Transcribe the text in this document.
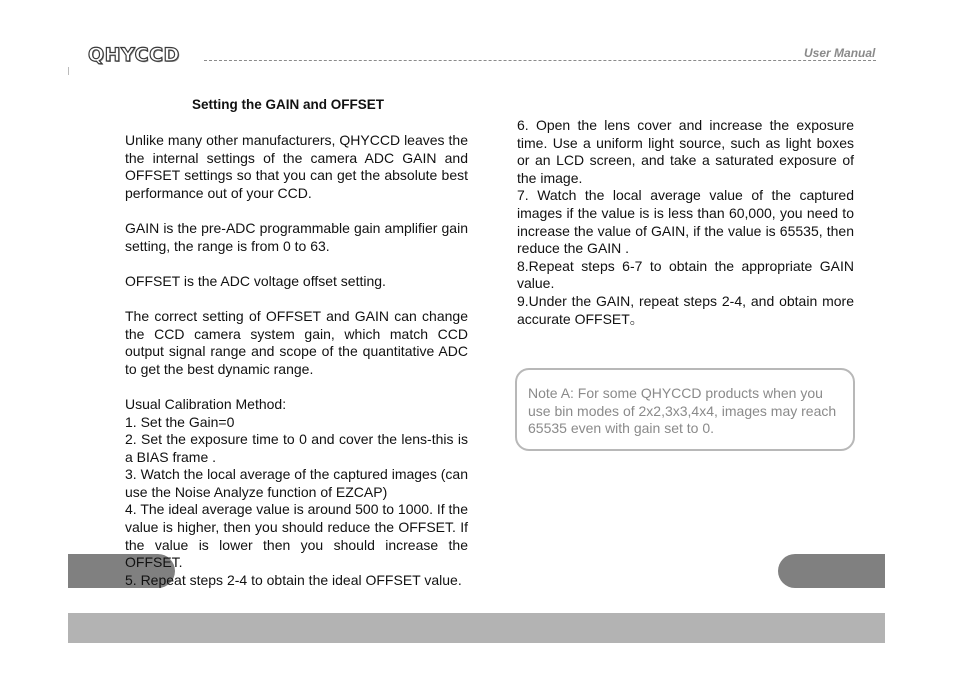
QHYCCD	User Manual
Setting the GAIN and OFFSET

Unlike many other manufacturers, QHYCCD leaves the the internal settings of the camera ADC GAIN and OFFSET settings so that you can get the absolute best performance out of your CCD.

GAIN is the pre-ADC programmable gain amplifier gain setting, the range is from 0 to 63.

OFFSET is the ADC voltage offset setting.

The correct setting of OFFSET and GAIN can change the CCD camera system gain, which match CCD output signal range and scope of the quantitative ADC to get the best dynamic range.

Usual Calibration Method:

1. Set the Gain=0

2. Set the exposure time to 0 and cover the lens-this is a BIAS frame .

3. Watch the local average of the captured images (can use the Noise Analyze function of EZCAP)

4. The ideal average value is around 500 to 1000. If the value is higher, then you should reduce the OFFSET. If the value is lower then you should increase the OFFSET.

5. Repeat steps 2-4 to obtain the ideal OFFSET value.

6. Open the lens cover and increase the exposure time. Use a uniform light source, such as light boxes or an LCD screen, and take a saturated exposure of the image.

7. Watch the local average value of the captured images if the value is is less than 60,000, you need to increase the value of GAIN, if the value is 65535, then reduce the GAIN .

8.Repeat steps 6-7 to obtain the appropriate GAIN value.

9.Under the GAIN, repeat steps 2-4, and obtain more accurate OFFSET。

Note A: For some QHYCCD products when you use bin modes of 2x2,3x3,4x4, images may reach 65535 even with gain set to 0.
